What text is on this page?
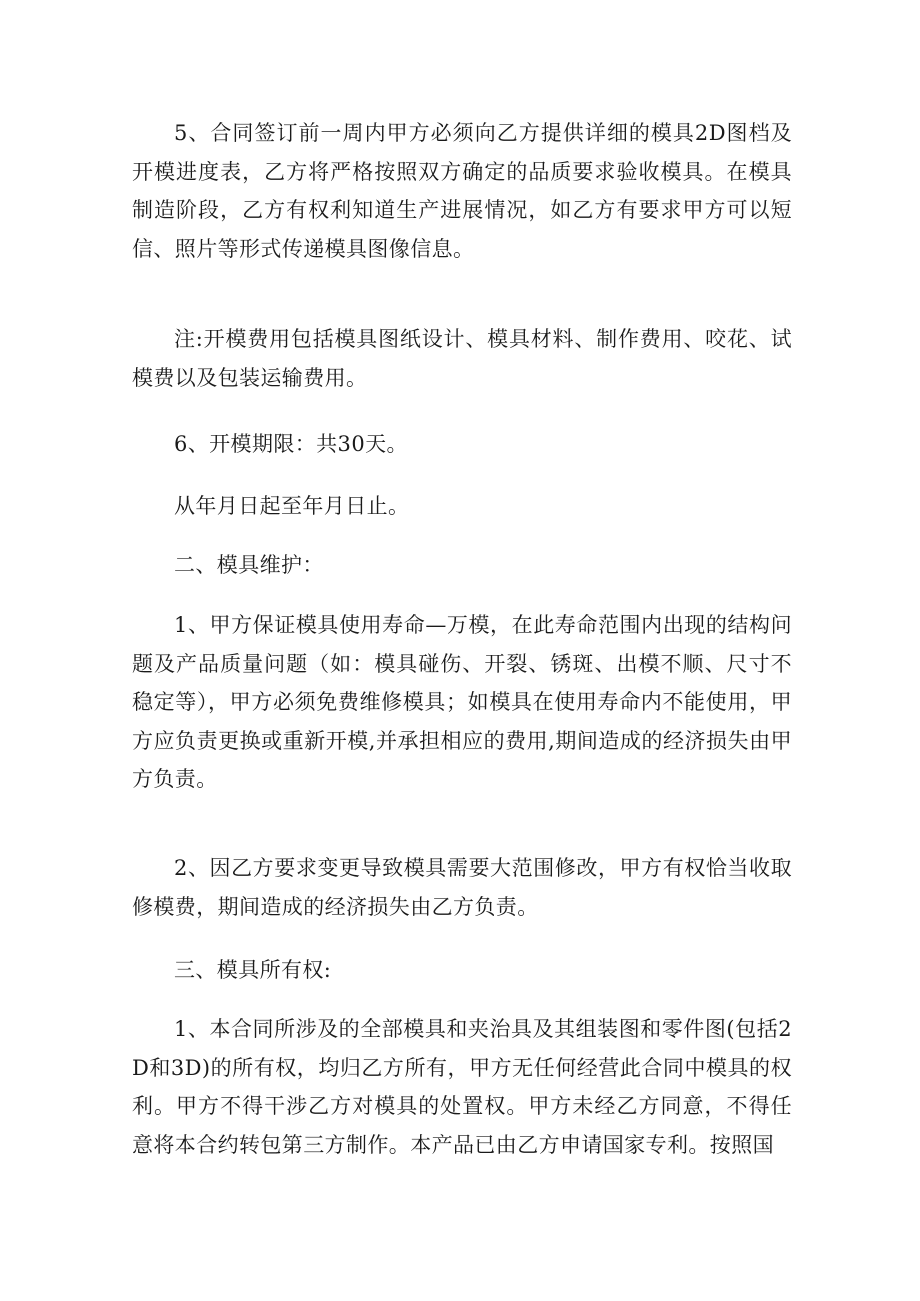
5、合同签订前一周内甲方必须向乙方提供详细的模具2D图档及开模进度表，乙方将严格按照双方确定的品质要求验收模具。在模具制造阶段，乙方有权利知道生产进展情况，如乙方有要求甲方可以短信、照片等形式传递模具图像信息。

注:开模费用包括模具图纸设计、模具材料、制作费用、咬花、试模费以及包装运输费用。

6、开模期限：共30天。

从年月日起至年月日止。

二、模具维护：

1、甲方保证模具使用寿命—万模，在此寿命范围内出现的结构问题及产品质量问题（如：模具碰伤、开裂、锈斑、出模不顺、尺寸不稳定等），甲方必须免费维修模具；如模具在使用寿命内不能使用，甲方应负责更换或重新开模,并承担相应的费用,期间造成的经济损失由甲方负责。

2、因乙方要求变更导致模具需要大范围修改，甲方有权恰当收取修模费，期间造成的经济损失由乙方负责。

三、模具所有权:

1、本合同所涉及的全部模具和夹治具及其组装图和零件图(包括2D和3D)的所有权，均归乙方所有，甲方无任何经营此合同中模具的权利。甲方不得干涉乙方对模具的处置权。甲方未经乙方同意，不得任意将本合约转包第三方制作。本产品已由乙方申请国家专利。按照国
